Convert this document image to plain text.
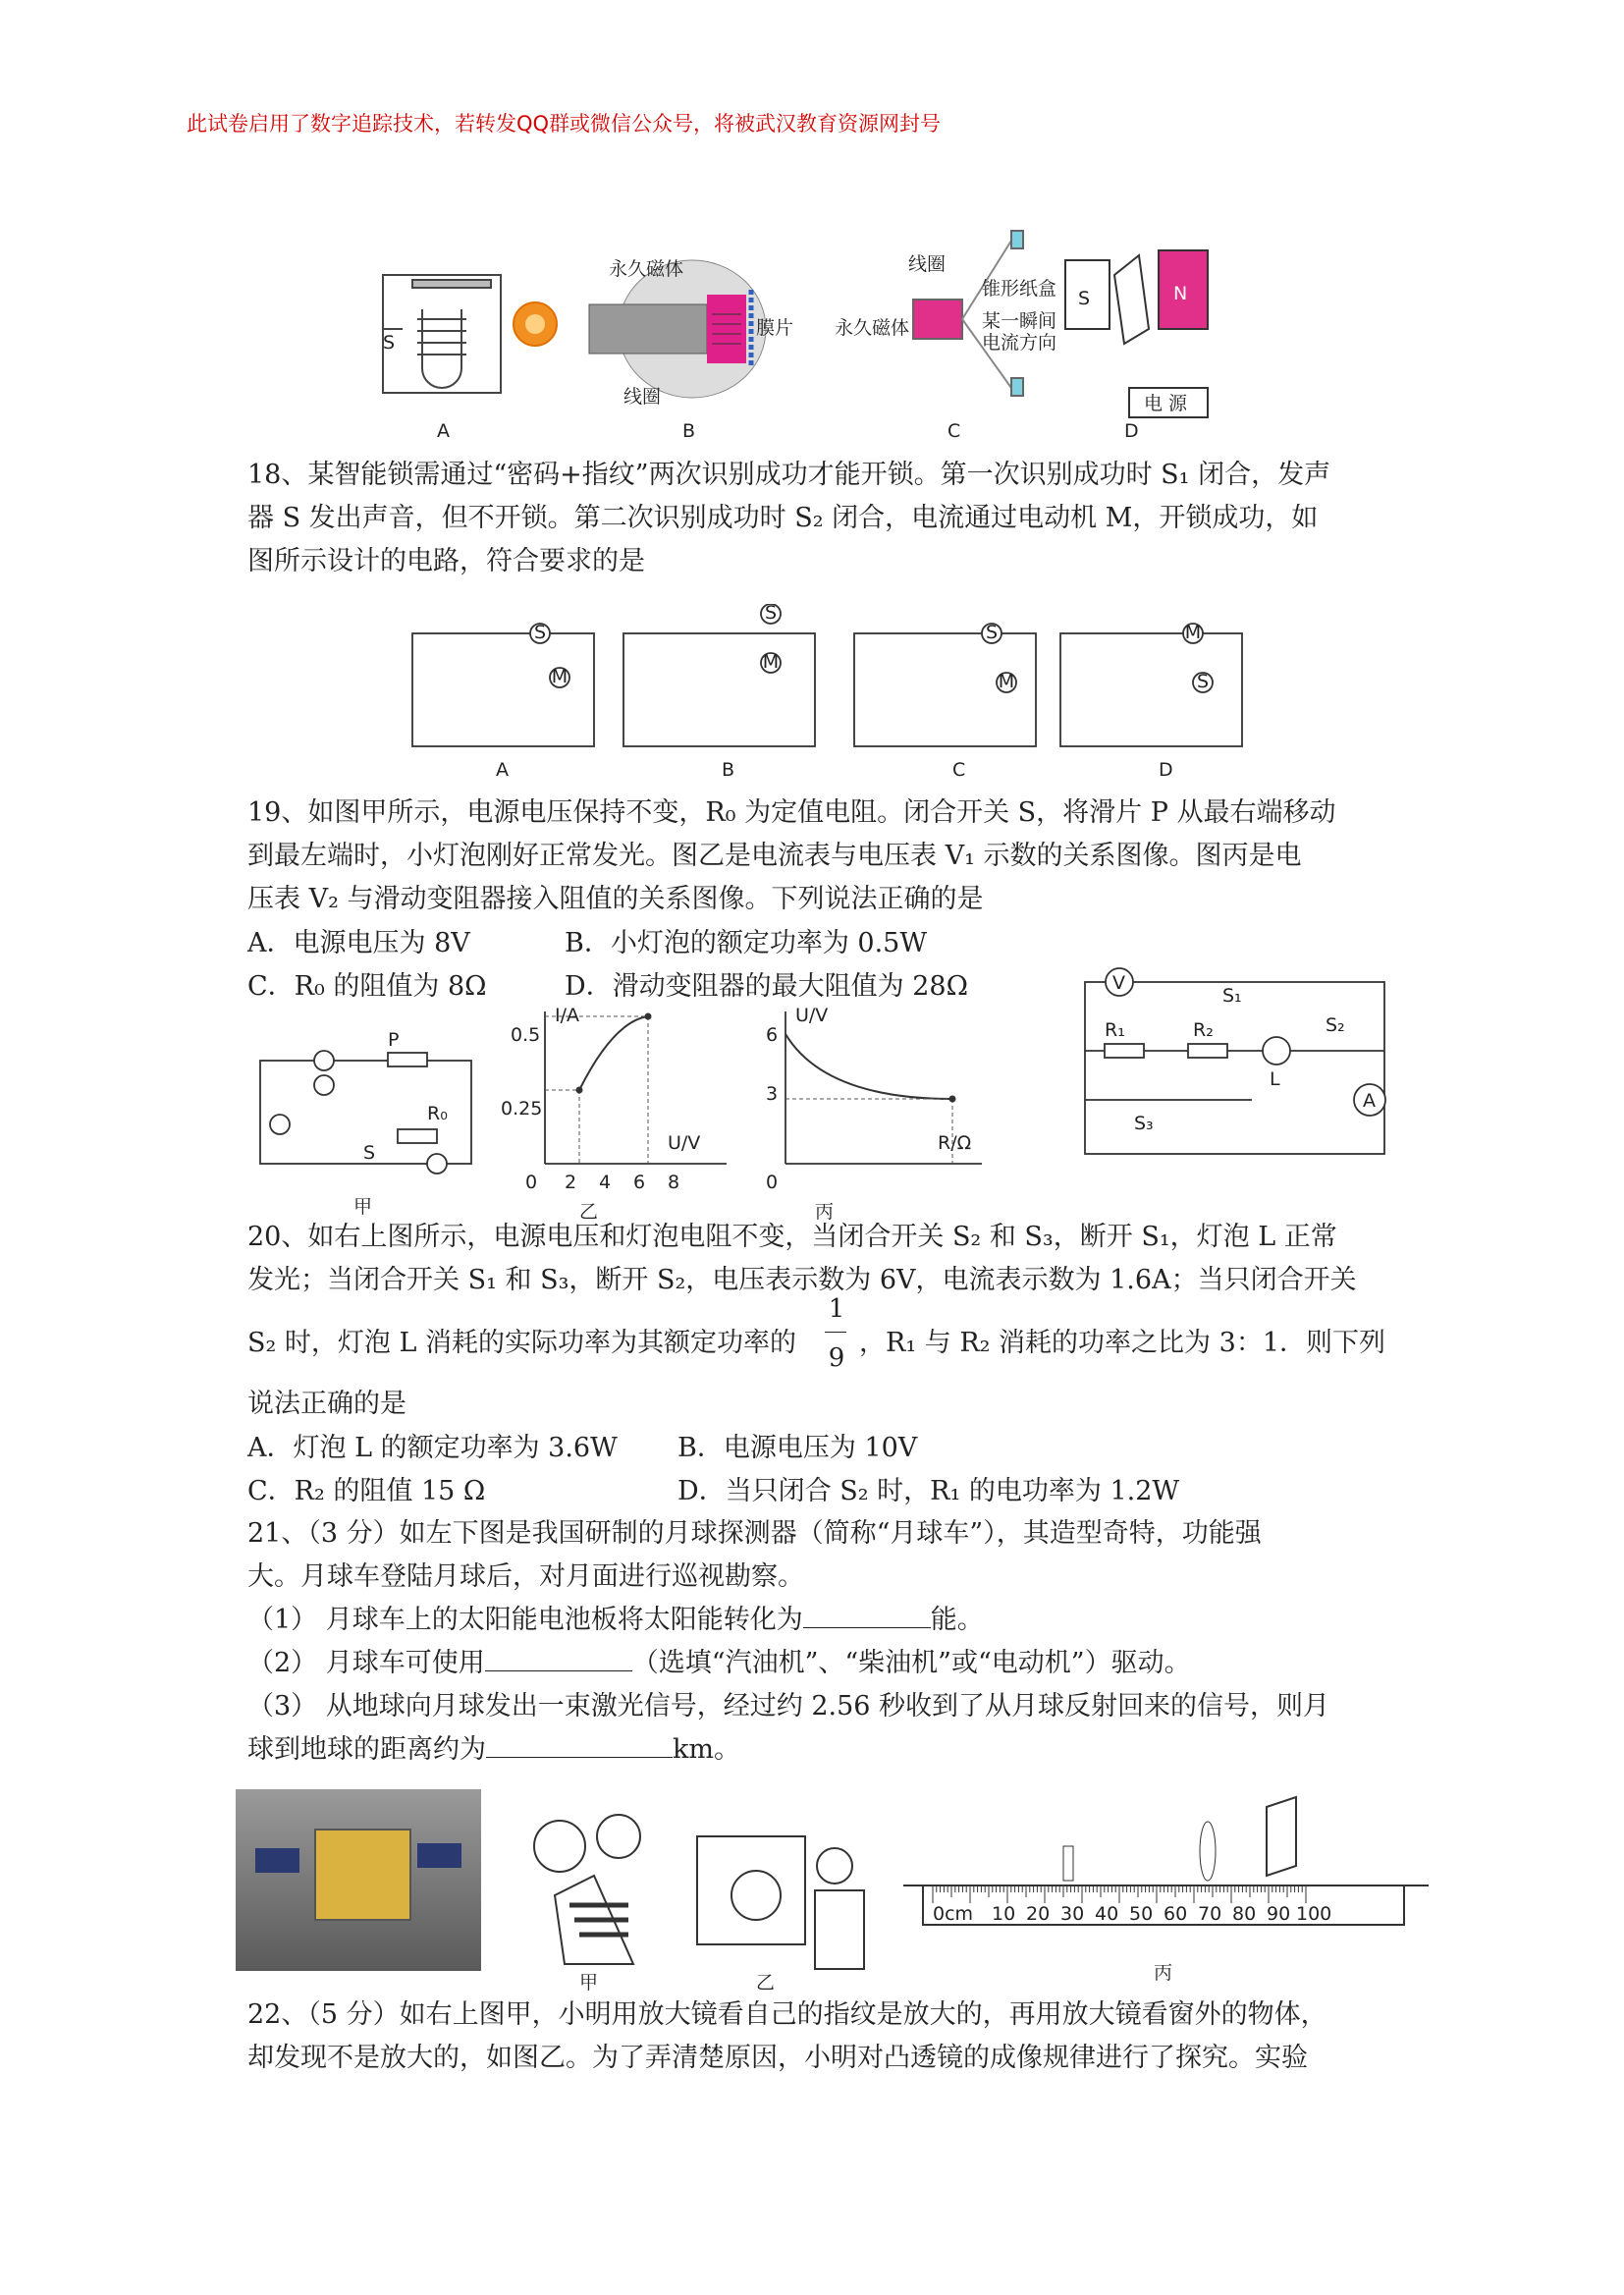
此试卷启用了数字追踪技术，若转发QQ群或微信公众号，将被武汉教育资源网封号
S
永久磁体
线圈
膜片
线圈
永久磁体
锥形纸盒
某一瞬间
电流方向
S	N
电 源
A	B	C	D
18、某智能锁需通过“密码+指纹”两次识别成功才能开锁。第一次识别成功时 S₁ 闭合，发声
器 S 发出声音，但不开锁。第二次识别成功时 S₂ 闭合，电流通过电动机 M，开锁成功，如
图所示设计的电路，符合要求的是
S
M
S
M
S
M
M
S
A	B	C	D
19、如图甲所示，电源电压保持不变，R₀ 为定值电阻。闭合开关 S，将滑片 P 从最右端移动
到最左端时，小灯泡刚好正常发光。图乙是电流表与电压表 V₁ 示数的关系图像。图丙是电
压表 V₂ 与滑动变阻器接入阻值的关系图像。下列说法正确的是
A．电源电压为 8V	B．小灯泡的额定功率为 0.5W
C．R₀ 的阻值为 8Ω	D．滑动变阻器的最大阻值为 28Ω
P
R₀
S
甲
I/A
U/V
0 2 4 6 8
0.25
0.5
乙
U/V
R/Ω
0
6
3
丙
V
S₁
R₁	R₂	S₂
L
A
S₃
20、如右上图所示，电源电压和灯泡电阻不变，当闭合开关 S₂ 和 S₃，断开 S₁，灯泡 L 正常
发光；当闭合开关 S₁ 和 S₃，断开 S₂，电压表示数为 6V，电流表示数为 1.6A；当只闭合开关
S₂ 时，灯泡 L 消耗的实际功率为其额定功率的
1
9 ，R₁ 与 R₂ 消耗的功率之比为 3：1．则下列
说法正确的是
A．灯泡 L 的额定功率为 3.6W B．电源电压为 10V
C．R₂ 的阻值 15 Ω	D．当只闭合 S₂ 时，R₁ 的电功率为 1.2W
21、（3 分）如左下图是我国研制的月球探测器（简称“月球车”），其造型奇特，功能强
大。月球车登陆月球后，对月面进行巡视勘察。
（1） 月球车上的太阳能电池板将太阳能转化为	能。
（2） 月球车可使用	（选填“汽油机”、“柴油机”或“电动机”）驱动。
（3） 从地球向月球发出一束激光信号，经过约 2.56 秒收到了从月球反射回来的信号，则月
球到地球的距离约为	km。
甲	乙
0cm 10 20 30 40 50 60 70 80 90 100
丙
22、（5 分）如右上图甲，小明用放大镜看自己的指纹是放大的，再用放大镜看窗外的物体，
却发现不是放大的，如图乙。为了弄清楚原因，小明对凸透镜的成像规律进行了探究。实验
